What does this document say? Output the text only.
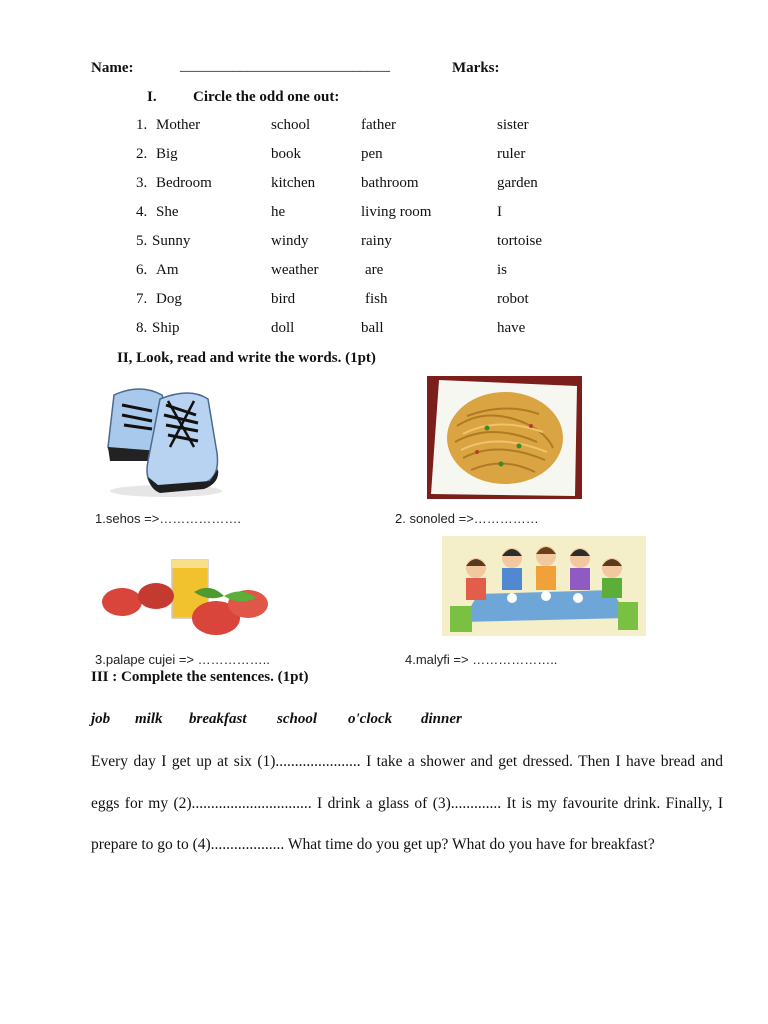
Name:	____________________________	Marks:
I. Circle the odd one out:
1. Mother	school	father	sister
2. Big	book	pen	ruler
3. Bedroom	kitchen	bathroom	garden
4. She	he	living room	I
5. Sunny	windy	rainy	tortoise
6. Am	weather	are	is
7. Dog	bird	fish	robot
8. Ship	doll	ball	have
II, Look, read and write the words. (1pt)
1.sehos =>……………….	2. sonoled =>……………
3.palape cujei => ……………..	4.malyfi => ………………..
III : Complete the sentences. (1pt)
job milk breakfast school o'clock dinner
Every day I get up at six (1)...................... I take a shower and get dressed. Then I have bread and eggs for my (2)............................... I drink a glass of (3)............. It is my favourite drink. Finally, I prepare to go to (4)................... What time do you get up? What do you have for breakfast?
